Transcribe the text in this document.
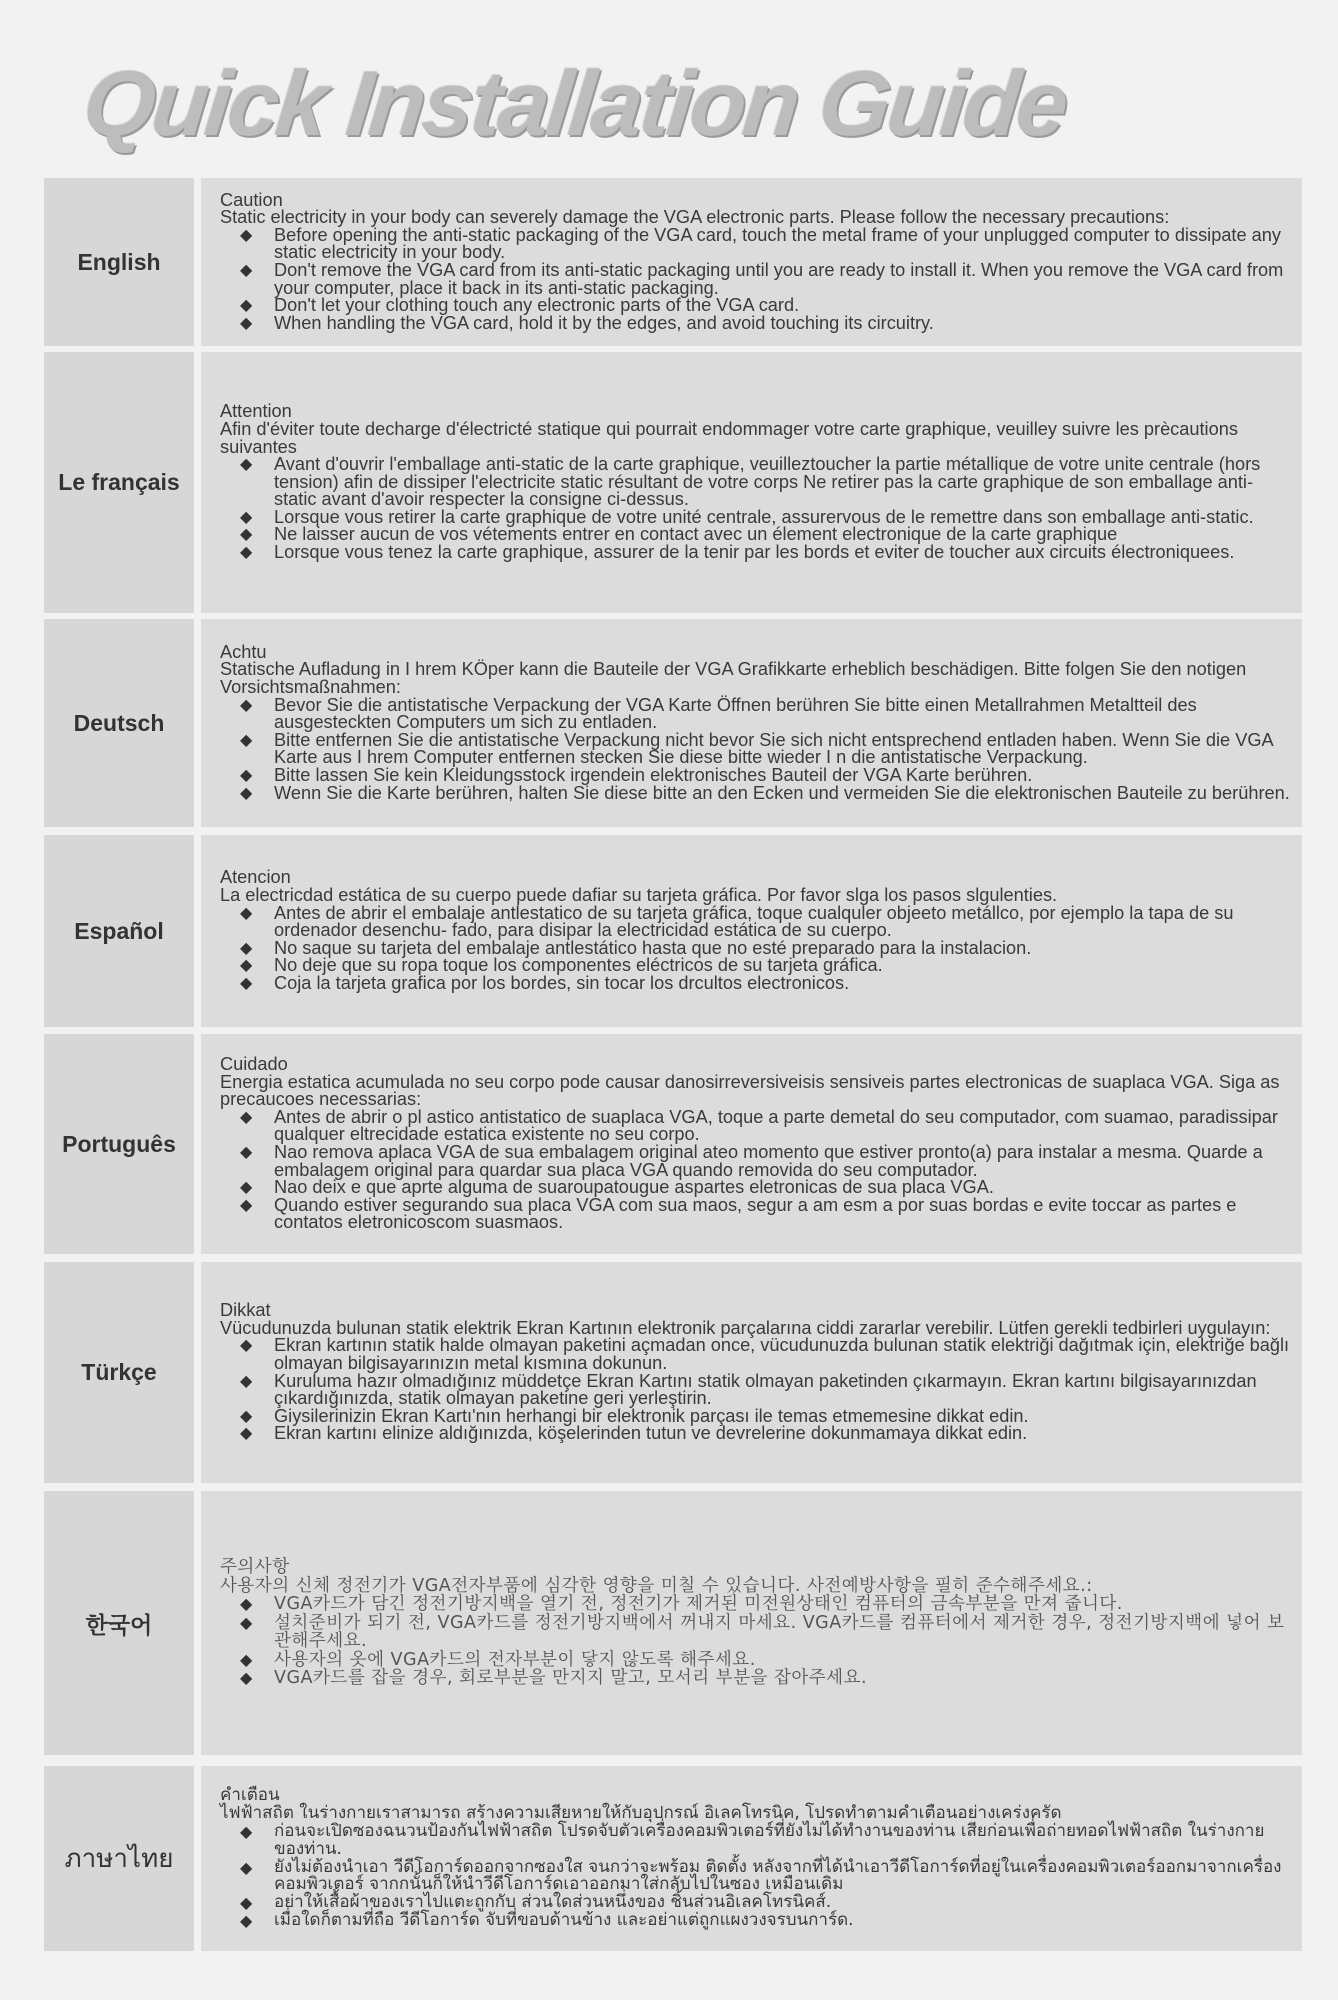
Quick Installation Guide
English

Caution

Static electricity in your body can severely damage the VGA electronic parts. Please follow the necessary precautions:

◆ Before opening the anti-static packaging of the VGA card, touch the metal frame of your unplugged computer to dissipate any static electricity in your body.
◆ Don't remove the VGA card from its anti-static packaging until you are ready to install it. When you remove the VGA card from your computer, place it back in its anti-static packaging.
◆ Don't let your clothing touch any electronic parts of the VGA card.
◆ When handling the VGA card, hold it by the edges, and avoid touching its circuitry.
Le français

Attention

Afin d'éviter toute decharge d'électricté statique qui pourrait endommager votre carte graphique, veuilley suivre les prècautions suivantes

◆ Avant d'ouvrir l'emballage anti-static de la carte graphique, veuilleztoucher la partie métallique de votre unite centrale (hors tension) afin de dissiper l'electricite static résultant de votre corps Ne retirer pas la carte graphique de son emballage anti-static avant d'avoir respecter la consigne ci-dessus.
◆ Lorsque vous retirer la carte graphique de votre unité centrale, assurervous de le remettre dans son emballage anti-static.
◆ Ne laisser aucun de vos vétements entrer en contact avec un élement electronique de la carte graphique
◆ Lorsque vous tenez la carte graphique, assurer de la tenir par les bords et eviter de toucher aux circuits électroniquees.
Deutsch

Achtu

Statische Aufladung in I hrem KÖper kann die Bauteile der VGA Grafikkarte erheblich beschädigen. Bitte folgen Sie den notigen Vorsichtsmaßnahmen:

◆ Bevor Sie die antistatische Verpackung der VGA Karte Öffnen berühren Sie bitte einen Metallrahmen Metaltteil des ausgesteckten Computers um sich zu entladen.
◆ Bitte entfernen Sie die antistatische Verpackung nicht bevor Sie sich nicht entsprechend entladen haben. Wenn Sie die VGA Karte aus I hrem Computer entfernen stecken Sie diese bitte wieder I n die antistatische Verpackung.
◆ Bitte lassen Sie kein Kleidungsstock irgendein elektronisches Bauteil der VGA Karte berühren.
◆ Wenn Sie die Karte berühren, halten Sie diese bitte an den Ecken und vermeiden Sie die elektronischen Bauteile zu berühren.
Español

Atencion

La electricdad estática de su cuerpo puede dafiar su tarjeta gráfica. Por favor slga los pasos slgulenties.

◆ Antes de abrir el embalaje antlestatico de su tarjeta gráfica, toque cualquler objeeto metállco, por ejemplo la tapa de su ordenador desenchu- fado, para disipar la electricidad estática de su cuerpo.
◆ No saque su tarjeta del embalaje antlestático hasta que no esté preparado para la instalacion.
◆ No deje que su ropa toque los componentes eléctricos de su tarjeta gráfica.
◆ Coja la tarjeta grafica por los bordes, sin tocar los drcultos electronicos.
Português

Cuidado

Energia estatica acumulada no seu corpo pode causar danosirreversiveisis sensiveis partes electronicas de suaplaca VGA. Siga as precaucoes necessarias:

◆ Antes de abrir o pl astico antistatico de suaplaca VGA, toque a parte demetal do seu computador, com suamao, paradissipar qualquer eltrecidade estatica existente no seu corpo.
◆ Nao remova aplaca VGA de sua embalagem original ateo momento que estiver pronto(a) para instalar a mesma. Quarde a embalagem original para quardar sua placa VGA quando removida do seu computador.
◆ Nao deix e que aprte alguma de suaroupatougue aspartes eletronicas de sua placa VGA.
◆ Quando estiver segurando sua placa VGA com sua maos, segur a am esm a por suas bordas e evite toccar as partes e contatos eletronicoscom suasmaos.
Türkçe

Dikkat

Vücudunuzda bulunan statik elektrik Ekran Kartının elektronik parçalarına ciddi zararlar verebilir. Lütfen gerekli tedbirleri uygulayın:

◆ Ekran kartının statik halde olmayan paketini açmadan once, vücudunuzda bulunan statik elektriği dağıtmak için, elektriğe bağlı olmayan bilgisayarınızın metal kısmına dokunun.
◆ Kuruluma hazır olmadığınız müddetçe Ekran Kartını statik olmayan paketinden çıkarmayın. Ekran kartını bilgisayarınızdan çıkardığınızda, statik olmayan paketine geri yerleştirin.
◆ Giysilerinizin Ekran Kartı'nın herhangi bir elektronik parçası ile temas etmemesine dikkat edin.
◆ Ekran kartını elinize aldığınızda, köşelerinden tutun ve devrelerine dokunmamaya dikkat edin.
한국어

주의사항

사용자의 신체 정전기가 VGA전자부품에 심각한 영향을 미칠 수 있습니다. 사전예방사항을 필히 준수해주세요.:

◆ VGA카드가 담긴 정전기방지백을 열기 전, 정전기가 제거된 미전원상태인 컴퓨터의 금속부분을 만져 줍니다.
◆ 설치준비가 되기 전, VGA카드를 정전기방지백에서 꺼내지 마세요. VGA카드를 컴퓨터에서 제거한 경우, 정전기방지백에 넣어 보관해주세요.
◆ 사용자의 옷에 VGA카드의 전자부분이 닿지 않도록 해주세요.
◆ VGA카드를 잡을 경우, 회로부분을 만지지 말고, 모서리 부분을 잡아주세요.
ภาษาไทย

คำเตือน

ไฟฟ้าสถิต ในร่างกายเราสามารถ สร้างความเสียหายให้กับอุปกรณ์ อิเลคโทรนิค, โปรดทำตามคำเตือนอย่างเคร่งครัด

◆ ก่อนจะเปิดซองฉนวนป้องกันไฟฟ้าสถิต โปรดจับตัวเครื่องคอมพิวเตอร์ที่ยังไม่ได้ทำงานของท่าน เสียก่อนเพื่อถ่ายทอดไฟฟ้าสถิต ในร่างกายของท่าน.
◆ ยังไม่ต้องนำเอา วีดีโอการ์ดออกจากซองใส จนกว่าจะพร้อม ติดตั้ง หลังจากที่ได้นำเอาวีดีโอการ์ดที่อยู่ในเครื่องคอมพิวเตอร์ออกมาจากเครื่องคอมพิวเตอร์ จากกนั้นก็ให้นำวีดีโอการ์ดเอาออกมาใส่กลับไปในซอง เหมือนเดิม
◆ อย่าให้เสื้อผ้าของเราไปแตะถูกกับ ส่วนใดส่วนหนึ่งของ ชิ้นส่วนอิเลคโทรนิคส์.
◆ เมื่อใดก็ตามที่ถือ วีดีโอการ์ด จับที่ขอบด้านข้าง และอย่าแต่ถูกแผงวงจรบนการ์ด.
